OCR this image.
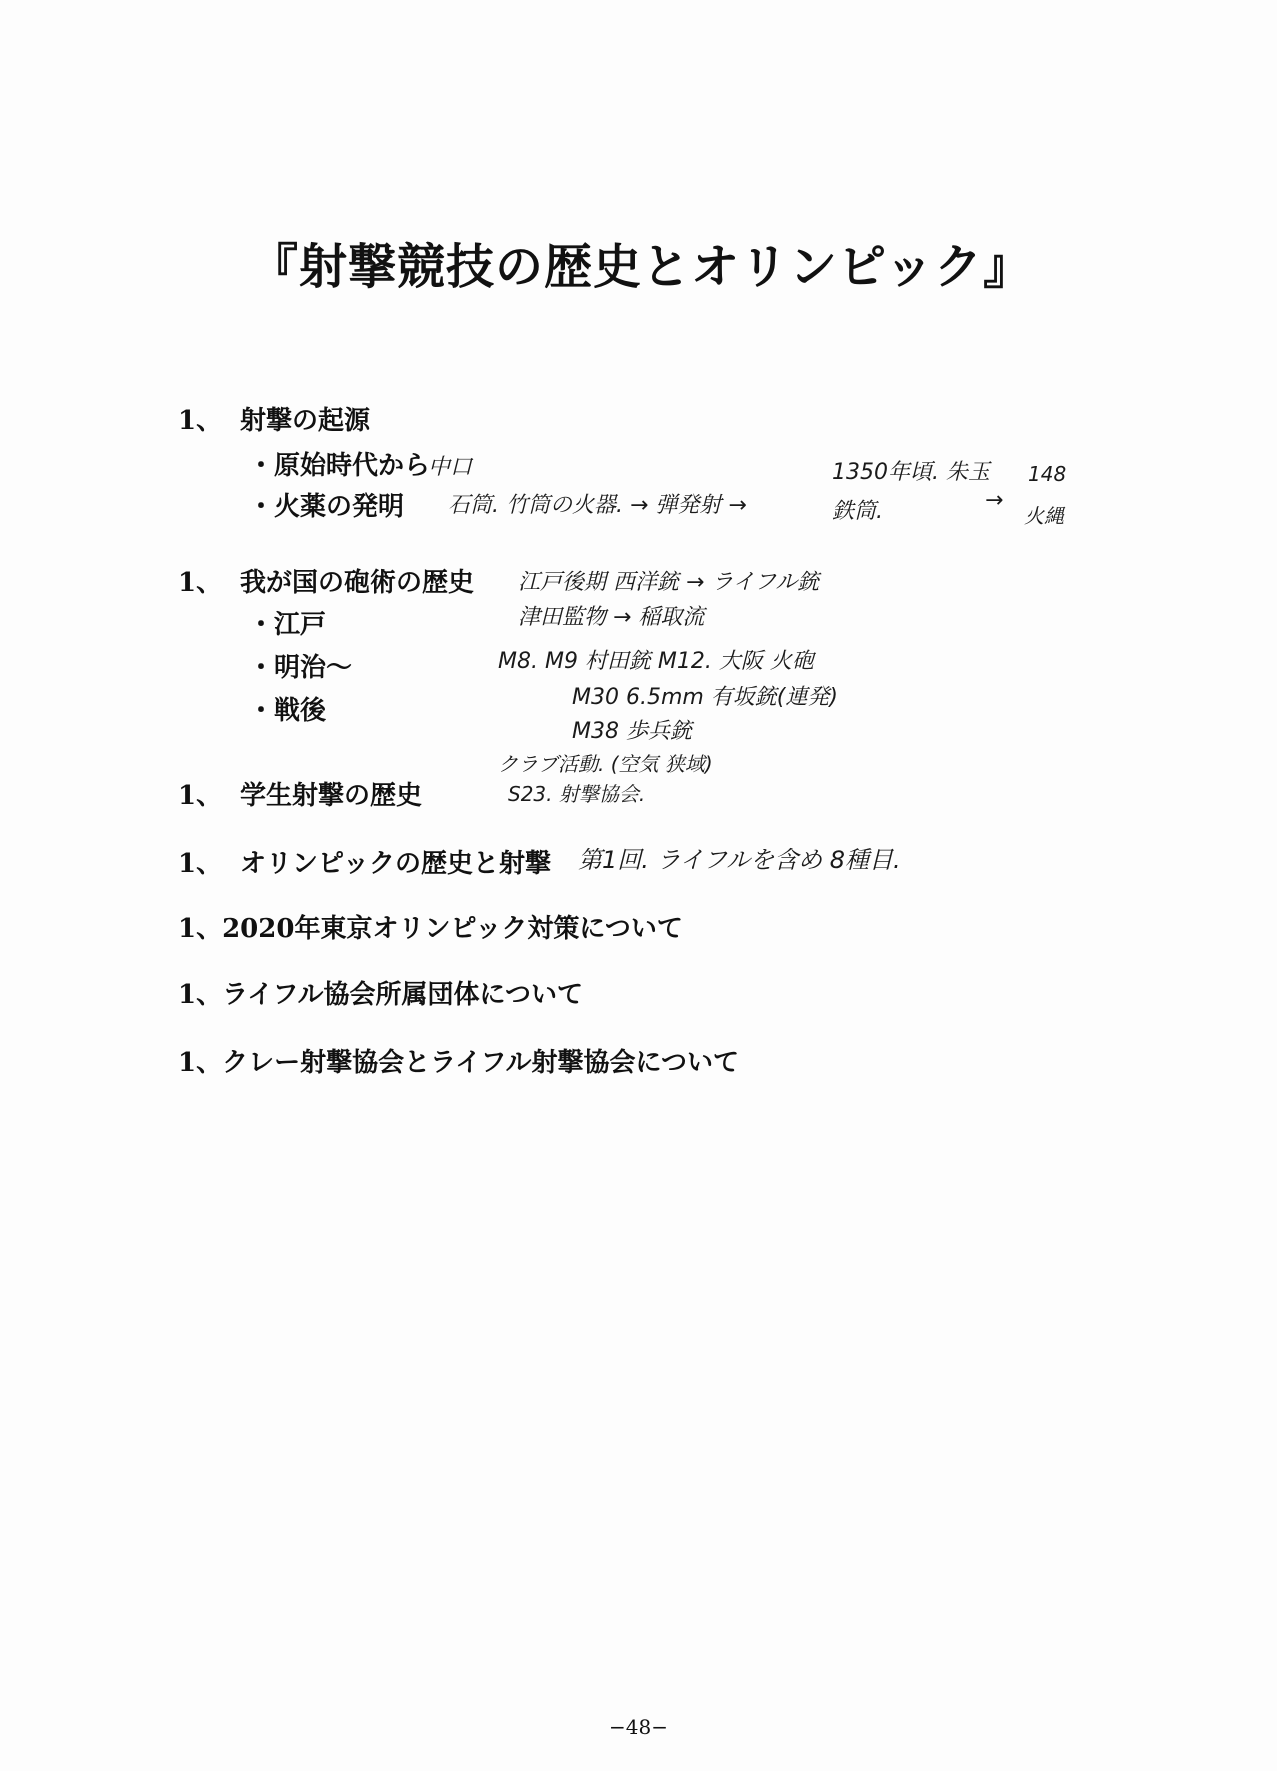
『射撃競技の歴史とオリンピック』
1、 射撃の起源
・原始時代から
・火薬の発明
中口
石筒. 竹筒の火器. → 弾発射 →
1350年頃. 朱玉
鉄筒.	→
148
火縄
1、 我が国の砲術の歴史
・江戸
・明治～
・戦後
江戸後期 西洋銃 → ライフル銃
津田監物 → 稲取流
M8. M9 村田銃 M12. 大阪 火砲
M30 6.5mm 有坂銃(連発)
M38 歩兵銃
クラブ活動. (空気 狭域)
1、 学生射撃の歴史	S23. 射撃協会.
1、 オリンピックの歴史と射撃 第1回. ライフルを含め 8種目.
1、2020年東京オリンピック対策について
1、ライフル協会所属団体について
1、クレー射撃協会とライフル射撃協会について
−48−
